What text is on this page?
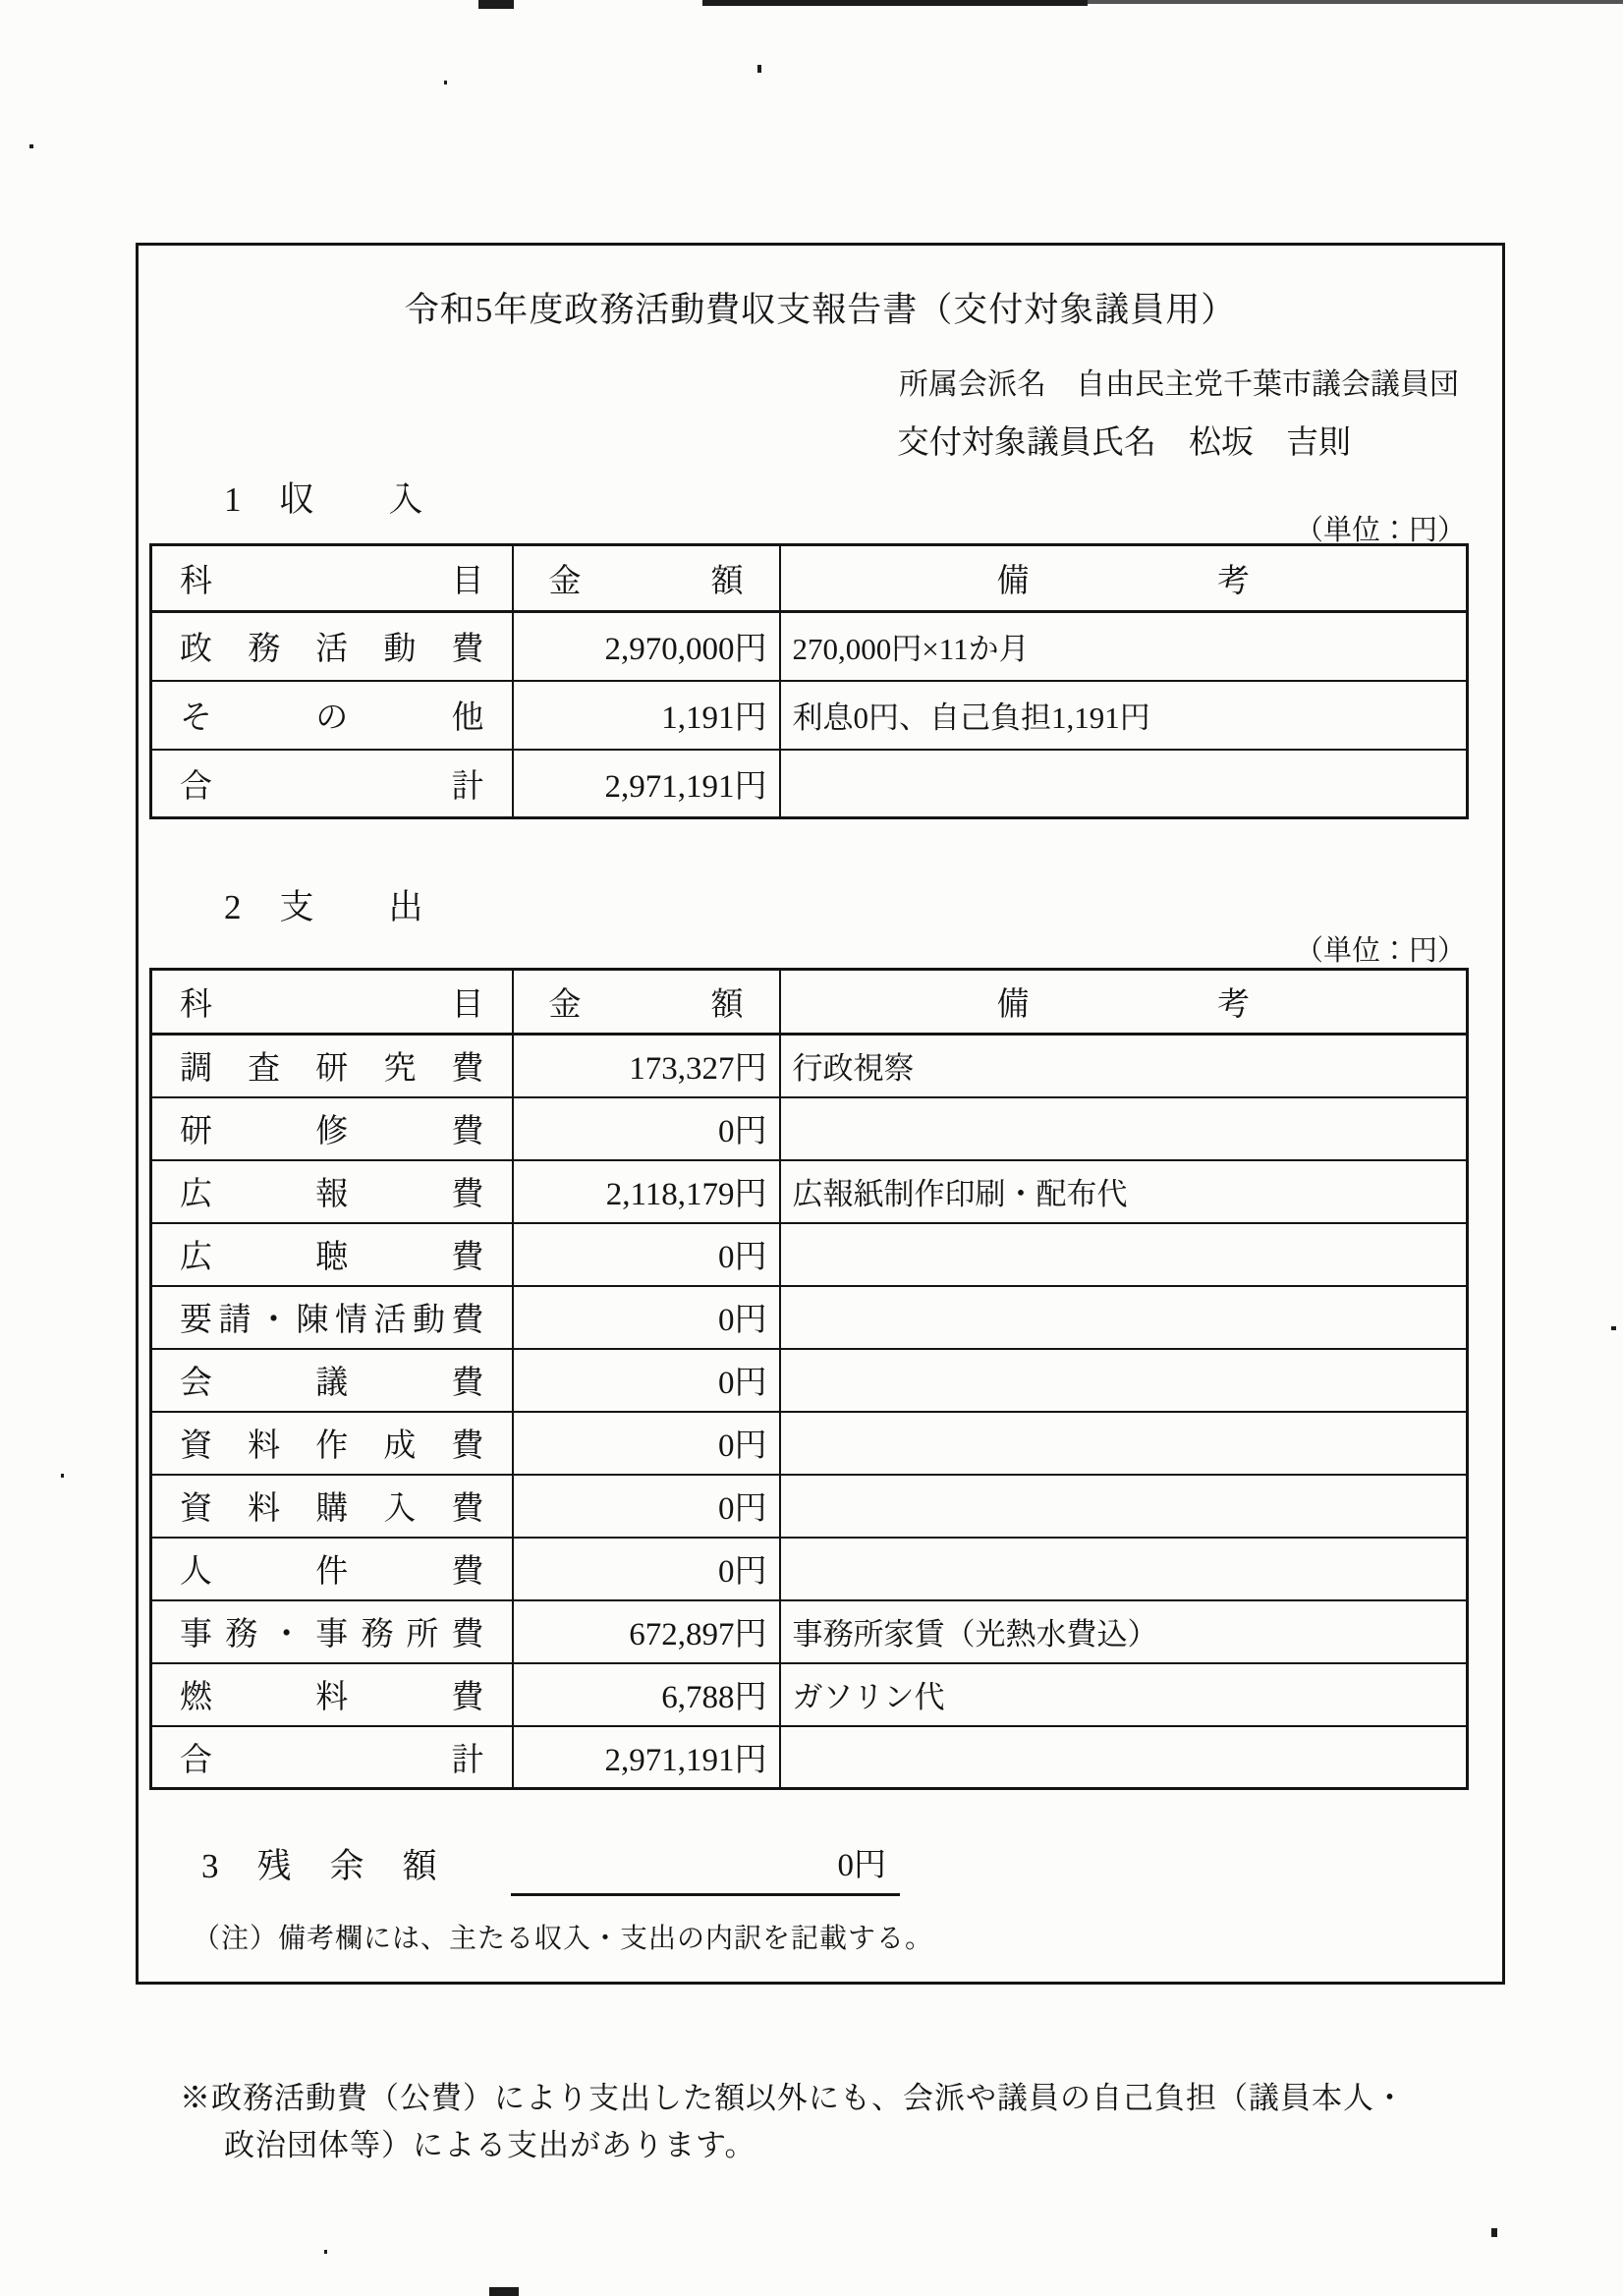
令和5年度政務活動費収支報告書（交付対象議員用）
所属会派名　自由民主党千葉市議会議員団
交付対象議員氏名　松坂　吉則
1　収　　入
（単位：円）
科 目	金 額	備 考

政 務 活 動 費	2,970,000円	270,000円×11か月

そ の 他	1,191円	利息0円、自己負担1,191円

合 計	2,971,191円	
2　支　　出
（単位：円）
科 目	金 額	備 考

調 査 研 究 費	173,327円	行政視察

研 修 費	0円	

広 報 費	2,118,179円	広報紙制作印刷・配布代

広 聴 費	0円	

要 請 ・ 陳 情 活 動 費	0円	

会 議 費	0円	

資 料 作 成 費	0円	

資 料 購 入 費	0円	

人 件 費	0円	

事 務 ・ 事 務 所 費	672,897円	事務所家賃（光熱水費込）

燃 料 費	6,788円	ガソリン代

合 計	2,971,191円	
3　残　余　額	0円
（注）備考欄には、主たる収入・支出の内訳を記載する。
※政務活動費（公費）により支出した額以外にも、会派や議員の自己負担（議員本人・
政治団体等）による支出があります。
